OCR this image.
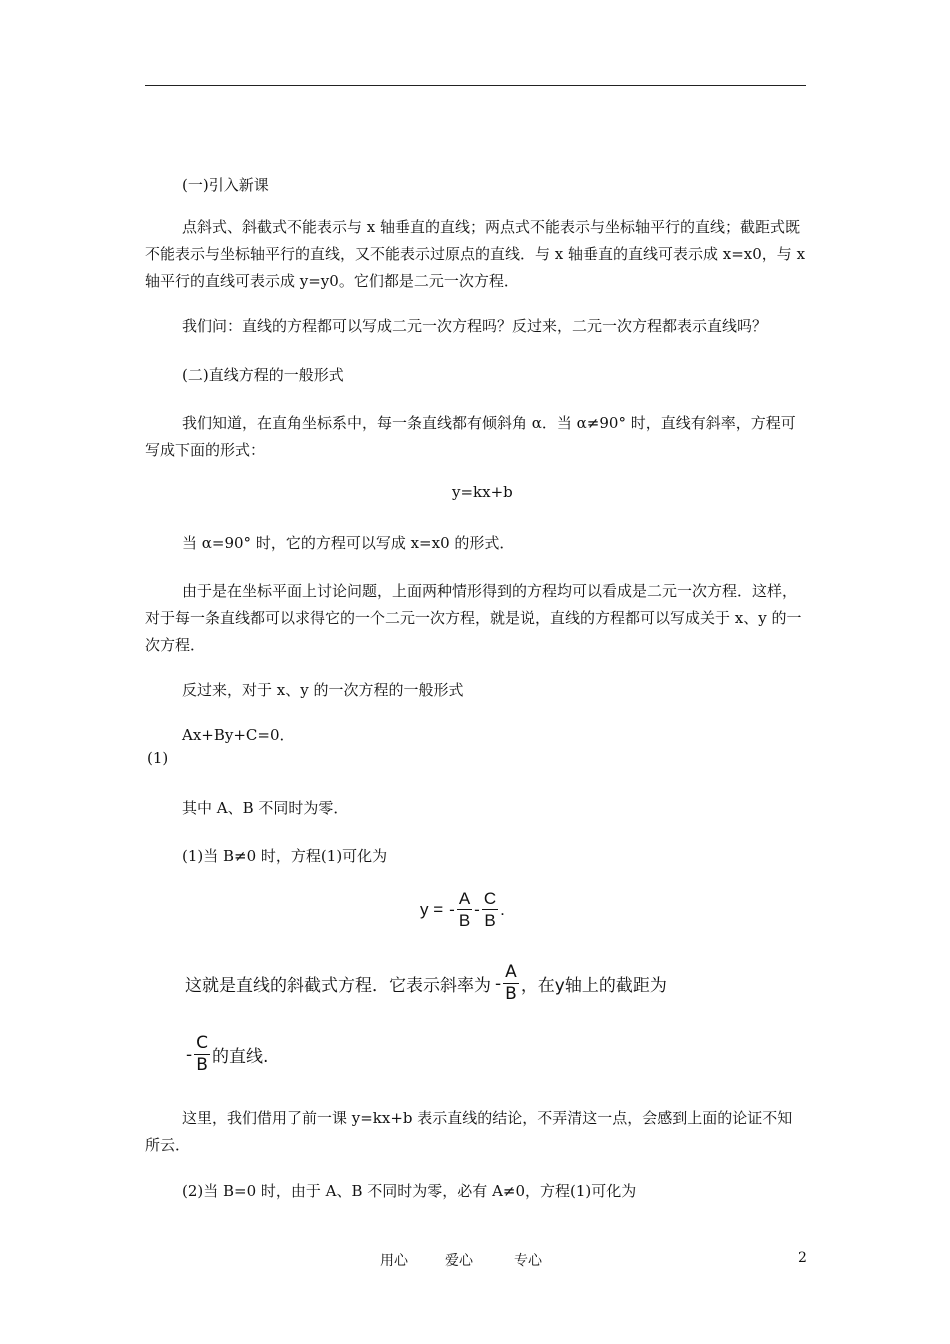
(一)引入新课

点斜式、斜截式不能表示与 x 轴垂直的直线；两点式不能表示与坐标轴平行的直线；截距式既不能表示与坐标轴平行的直线，又不能表示过原点的直线．与 x 轴垂直的直线可表示成 x=x0，与 x 轴平行的直线可表示成 y=y0。它们都是二元一次方程．

我们问：直线的方程都可以写成二元一次方程吗？反过来，二元一次方程都表示直线吗？

(二)直线方程的一般形式

我们知道，在直角坐标系中，每一条直线都有倾斜角 α．当 α≠90° 时，直线有斜率，方程可写成下面的形式：

y=kx+b

当 α=90° 时，它的方程可以写成 x=x0 的形式．

由于是在坐标平面上讨论问题，上面两种情形得到的方程均可以看成是二元一次方程．这样，对于每一条直线都可以求得它的一个二元一次方程，就是说，直线的方程都可以写成关于 x、y 的一次方程．

反过来，对于 x、y 的一次方程的一般形式

Ax+By+C=0．
(1)

其中 A、B 不同时为零．

(1)当 B≠0 时，方程(1)可化为

y = - $\frac{A}{B} - \frac{C}{B}$ .
这就是直线的斜截式方程．它表示斜率为 - $\frac{A}{B}$ ，在y轴上的截距为
- $\frac{C}{B}$ 的直线.

这里，我们借用了前一课 y=kx+b 表示直线的结论，不弄清这一点，会感到上面的论证不知所云．

(2)当 B=0 时，由于 A、B 不同时为零，必有 A≠0，方程(1)可化为

用心	爱心	专心	2
